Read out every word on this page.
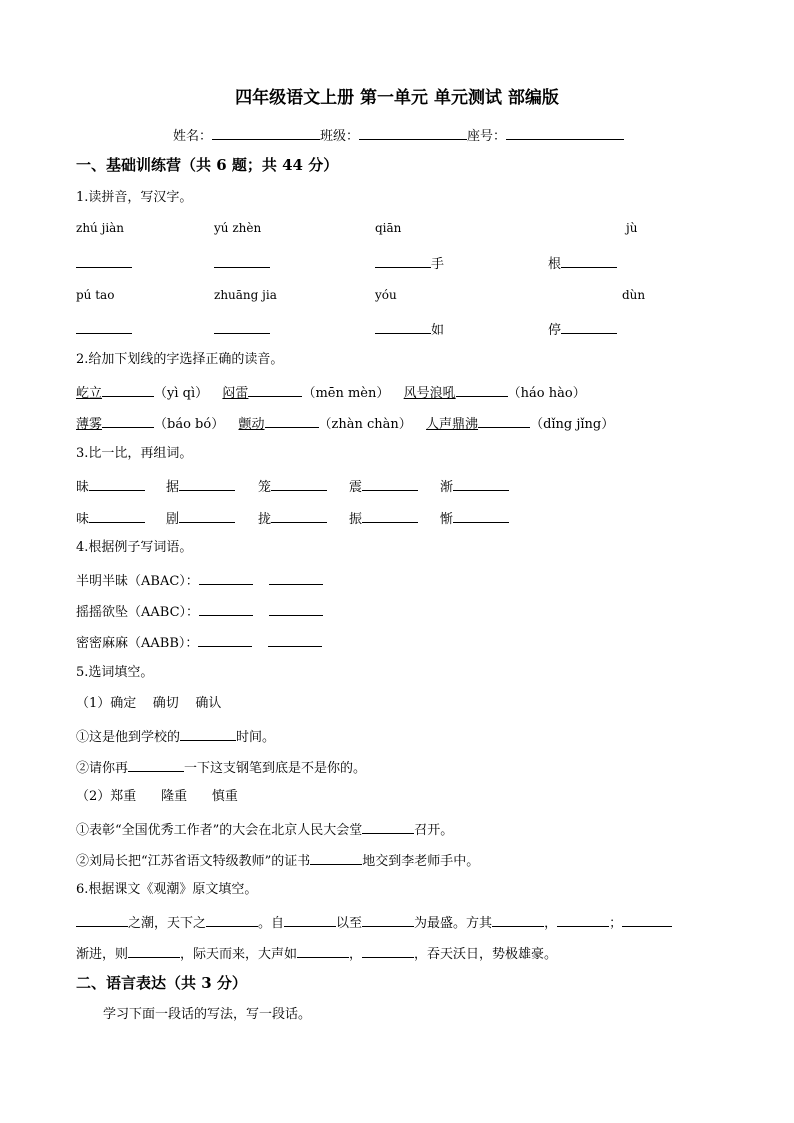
四年级语文上册 第一单元 单元测试 部编版
姓名：	班级：	座号：
一、基础训练营（共 6 题；共 44 分）
1.读拼音，写汉字。
zhú jiàn	yú zhèn	qiān	jù
手	根
pú tao	zhuāng jia	yóu	dùn
如	停
2.给加下划线的字选择正确的读音。
屹立	（yì qì） 闷雷	（mēn mèn） 风号浪吼	（háo hào）
薄雾	（báo bó） 颤动	（zhàn chàn） 人声鼎沸	（dǐng jǐng）
3.比一比，再组词。
昧	据	笼	震	渐
味	剧	拢	振	惭
4.根据例子写词语。
半明半昧（ABAC）：
摇摇欲坠（AABC）：
密密麻麻（AABB）：
5.选词填空。
（1）确定    确切    确认
①这是他到学校的	时间。
②请你再	一下这支钢笔到底是不是你的。
（2）郑重      隆重      慎重
①表彰“全国优秀工作者”的大会在北京人民大会堂	召开。
②刘局长把“江苏省语文特级教师”的证书	地交到李老师手中。
6.根据课文《观潮》原文填空。
之潮，天下之	。自	以至	为最盛。方其	，	；
渐进，则	，际天而来，大声如	，	，吞天沃日，势极雄豪。
二、语言表达（共 3 分）
学习下面一段话的写法，写一段话。
